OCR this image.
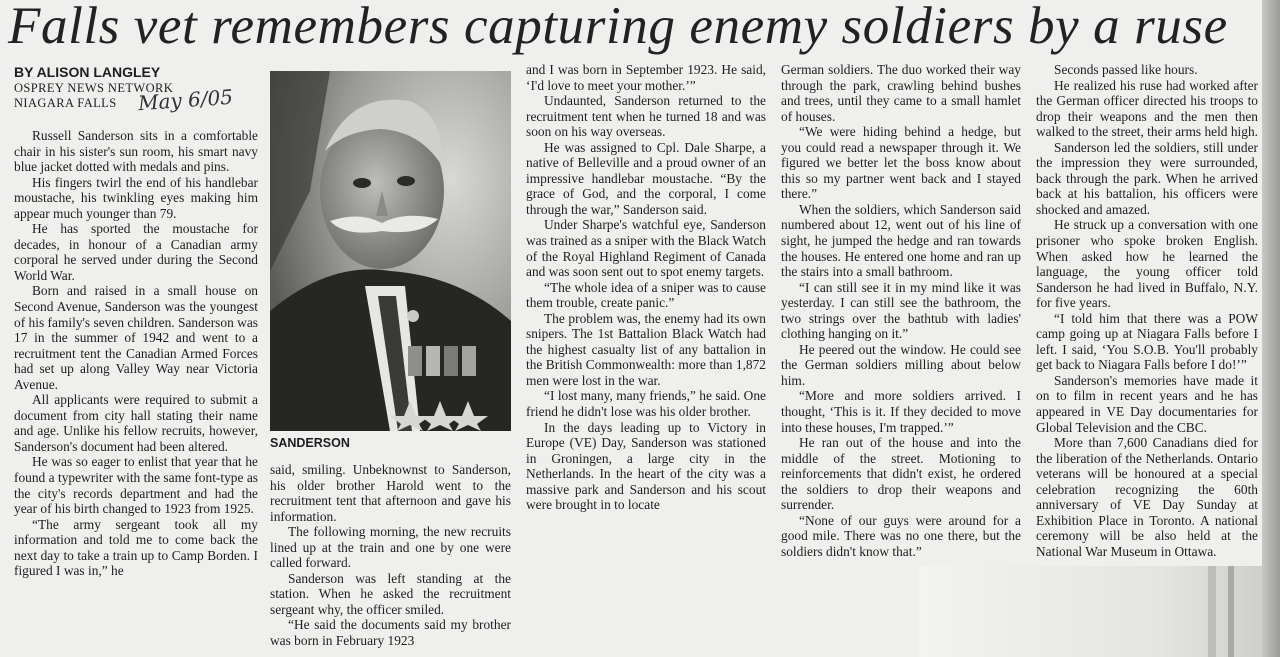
Falls vet remembers capturing enemy soldiers by a ruse
BY ALISON LANGLEY
OSPREY NEWS NETWORK
NIAGARA FALLS May 6/05

Russell Sanderson sits in a comfortable chair in his sister's sun room, his smart navy blue jacket dotted with medals and pins.

His fingers twirl the end of his handlebar moustache, his twinkling eyes making him appear much younger than 79.

He has sported the moustache for decades, in honour of a Canadian army corporal he served under during the Second World War.

Born and raised in a small house on Second Avenue, Sanderson was the youngest of his family's seven children. Sanderson was 17 in the summer of 1942 and went to a recruitment tent the Canadian Armed Forces had set up along Valley Way near Victoria Avenue.

All applicants were required to submit a document from city hall stating their name and age. Unlike his fellow recruits, however, Sanderson's document had been altered.

He was so eager to enlist that year that he found a typewriter with the same font-type as the city's records department and had the year of his birth changed to 1923 from 1925.

“The army sergeant took all my information and told me to come back the next day to take a train up to Camp Borden. I figured I was in,” he

SANDERSON

said, smiling. Unbeknownst to Sanderson, his older brother Harold went to the recruitment tent that afternoon and gave his information.

The following morning, the new recruits lined up at the train and one by one were called forward.

Sanderson was left standing at the station. When he asked the recruitment sergeant why, the officer smiled.

“He said the documents said my brother was born in February 1923

and I was born in September 1923. He said, ‘I'd love to meet your mother.’”

Undaunted, Sanderson returned to the recruitment tent when he turned 18 and was soon on his way overseas.

He was assigned to Cpl. Dale Sharpe, a native of Belleville and a proud owner of an impressive handlebar moustache. “By the grace of God, and the corporal, I come through the war,” Sanderson said.

Under Sharpe's watchful eye, Sanderson was trained as a sniper with the Black Watch of the Royal Highland Regiment of Canada and was soon sent out to spot enemy targets.

“The whole idea of a sniper was to cause them trouble, create panic.”

The problem was, the enemy had its own snipers. The 1st Battalion Black Watch had the highest casualty list of any battalion in the British Commonwealth: more than 1,872 men were lost in the war.

“I lost many, many friends,” he said. One friend he didn't lose was his older brother.

In the days leading up to Victory in Europe (VE) Day, Sanderson was stationed in Groningen, a large city in the Netherlands. In the heart of the city was a massive park and Sanderson and his scout were brought in to locate

German soldiers. The duo worked their way through the park, crawling behind bushes and trees, until they came to a small hamlet of houses.

“We were hiding behind a hedge, but you could read a newspaper through it. We figured we better let the boss know about this so my partner went back and I stayed there.”

When the soldiers, which Sanderson said numbered about 12, went out of his line of sight, he jumped the hedge and ran towards the houses. He entered one home and ran up the stairs into a small bathroom.

“I can still see it in my mind like it was yesterday. I can still see the bathroom, the two strings over the bathtub with ladies' clothing hanging on it.”

He peered out the window. He could see the German soldiers milling about below him.

“More and more soldiers arrived. I thought, ‘This is it. If they decided to move into these houses, I'm trapped.’”

He ran out of the house and into the middle of the street. Motioning to reinforcements that didn't exist, he ordered the soldiers to drop their weapons and surrender.

“None of our guys were around for a good mile. There was no one there, but the soldiers didn't know that.”

Seconds passed like hours.

He realized his ruse had worked after the German officer directed his troops to drop their weapons and the men then walked to the street, their arms held high.

Sanderson led the soldiers, still under the impression they were surrounded, back through the park. When he arrived back at his battalion, his officers were shocked and amazed.

He struck up a conversation with one prisoner who spoke broken English. When asked how he learned the language, the young officer told Sanderson he had lived in Buffalo, N.Y. for five years.

“I told him that there was a POW camp going up at Niagara Falls before I left. I said, ‘You S.O.B. You'll probably get back to Niagara Falls before I do!’”

Sanderson's memories have made it on to film in recent years and he has appeared in VE Day documentaries for Global Television and the CBC.

More than 7,600 Canadians died for the liberation of the Netherlands. Ontario veterans will be honoured at a special celebration recognizing the 60th anniversary of VE Day Sunday at Exhibition Place in Toronto. A national ceremony will be also held at the National War Museum in Ottawa.
